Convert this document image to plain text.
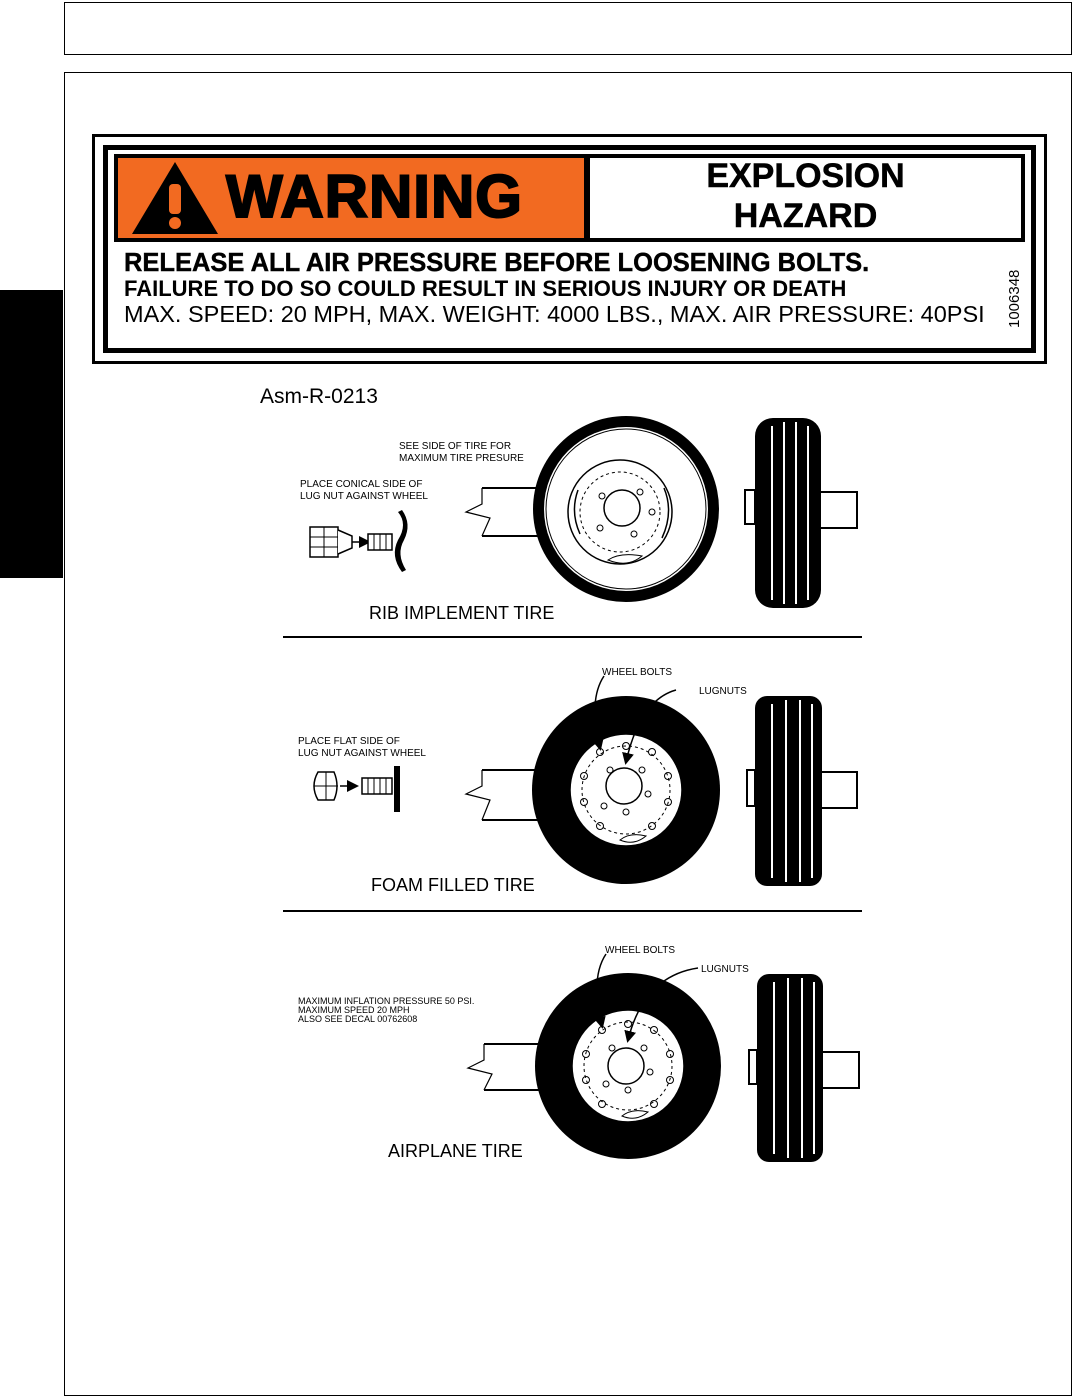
WARNING	EXPLOSION
HAZARD
RELEASE ALL AIR PRESSURE BEFORE LOOSENING BOLTS.
FAILURE TO DO SO COULD RESULT IN SERIOUS INJURY OR DEATH
MAX. SPEED: 20 MPH, MAX. WEIGHT: 4000 LBS., MAX. AIR PRESSURE: 40PSI 1006348
Asm-R-0213
SEE SIDE OF TIRE FOR
MAXIMUM TIRE PRESURE
PLACE CONICAL SIDE OF
LUG NUT AGAINST WHEEL
RIB IMPLEMENT TIRE
WHEEL BOLTS
LUGNUTS
PLACE FLAT SIDE OF
LUG NUT AGAINST WHEEL
FOAM FILLED TIRE
WHEEL BOLTS
LUGNUTS
MAXIMUM INFLATION PRESSURE 50 PSI.
MAXIMUM SPEED 20 MPH
ALSO SEE DECAL 00762608
AIRPLANE TIRE
